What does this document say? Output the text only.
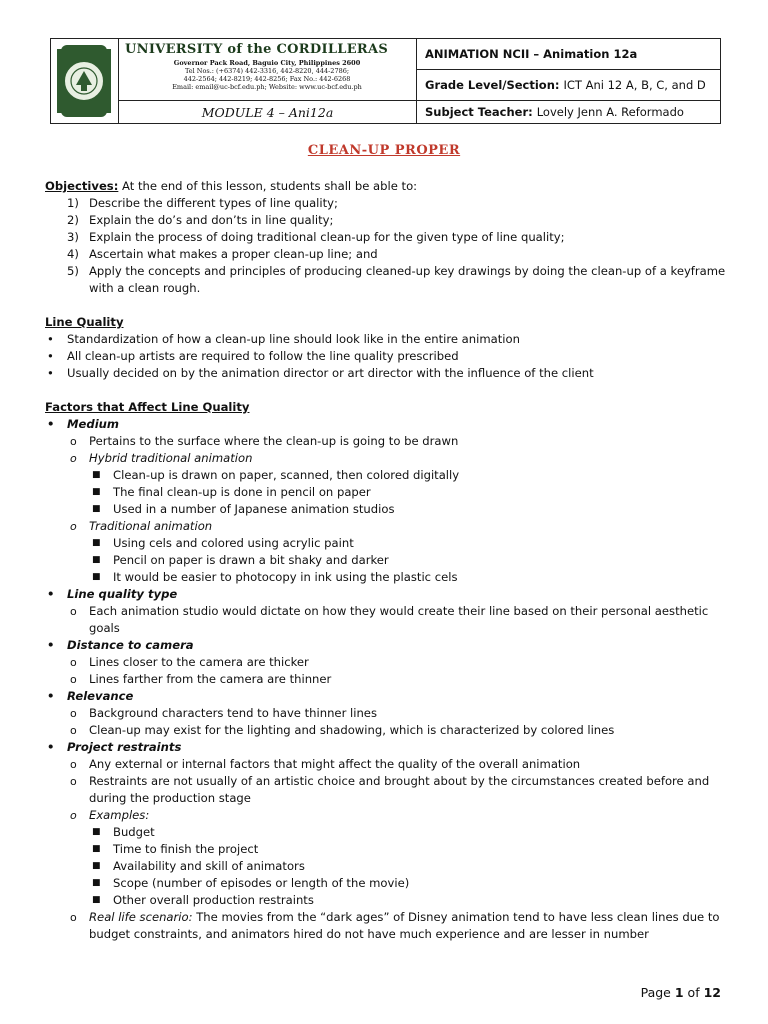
UNIVERSITY of the CORDILLERAS
Governor Pack Road, Baguio City, Philippines 2600
Tel Nos.: (+6374) 442-3316, 442-8220, 444-2786;
442-2564; 442-8219; 442-8256; Fax No.: 442-6268
Email: email@uc-bcf.edu.ph; Website: www.uc-bcf.edu.ph
MODULE 4 – Ani12a
ANIMATION NCII – Animation 12a
Grade Level/Section: ICT Ani 12 A, B, C, and D
Subject Teacher: Lovely Jenn A. Reformado
CLEAN-UP PROPER

Objectives: At the end of this lesson, students shall be able to:

1) Describe the different types of line quality;
2) Explain the do’s and don’ts in line quality;
3) Explain the process of doing traditional clean-up for the given type of line quality;
4) Ascertain what makes a proper clean-up line; and
5) Apply the concepts and principles of producing cleaned-up key drawings by doing the clean-up of a keyframe with a clean rough.

Line Quality

• Standardization of how a clean-up line should look like in the entire animation
• All clean-up artists are required to follow the line quality prescribed
• Usually decided on by the animation director or art director with the influence of the client

Factors that Affect Line Quality

• Medium
o Pertains to the surface where the clean-up is going to be drawn
o Hybrid traditional animation
■ Clean-up is drawn on paper, scanned, then colored digitally
■ The final clean-up is done in pencil on paper
■ Used in a number of Japanese animation studios
o Traditional animation
■ Using cels and colored using acrylic paint
■ Pencil on paper is drawn a bit shaky and darker
■ It would be easier to photocopy in ink using the plastic cels
• Line quality type
o Each animation studio would dictate on how they would create their line based on their personal aesthetic goals
• Distance to camera
o Lines closer to the camera are thicker
o Lines farther from the camera are thinner
• Relevance
o Background characters tend to have thinner lines
o Clean-up may exist for the lighting and shadowing, which is characterized by colored lines
• Project restraints
o Any external or internal factors that might affect the quality of the overall animation
o Restraints are not usually of an artistic choice and brought about by the circumstances created before and during the production stage
o Examples:
■ Budget
■ Time to finish the project
■ Availability and skill of animators
■ Scope (number of episodes or length of the movie)
■ Other overall production restraints
o Real life scenario: The movies from the “dark ages” of Disney animation tend to have less clean lines due to budget constraints, and animators hired do not have much experience and are lesser in number
Page 1 of 12
